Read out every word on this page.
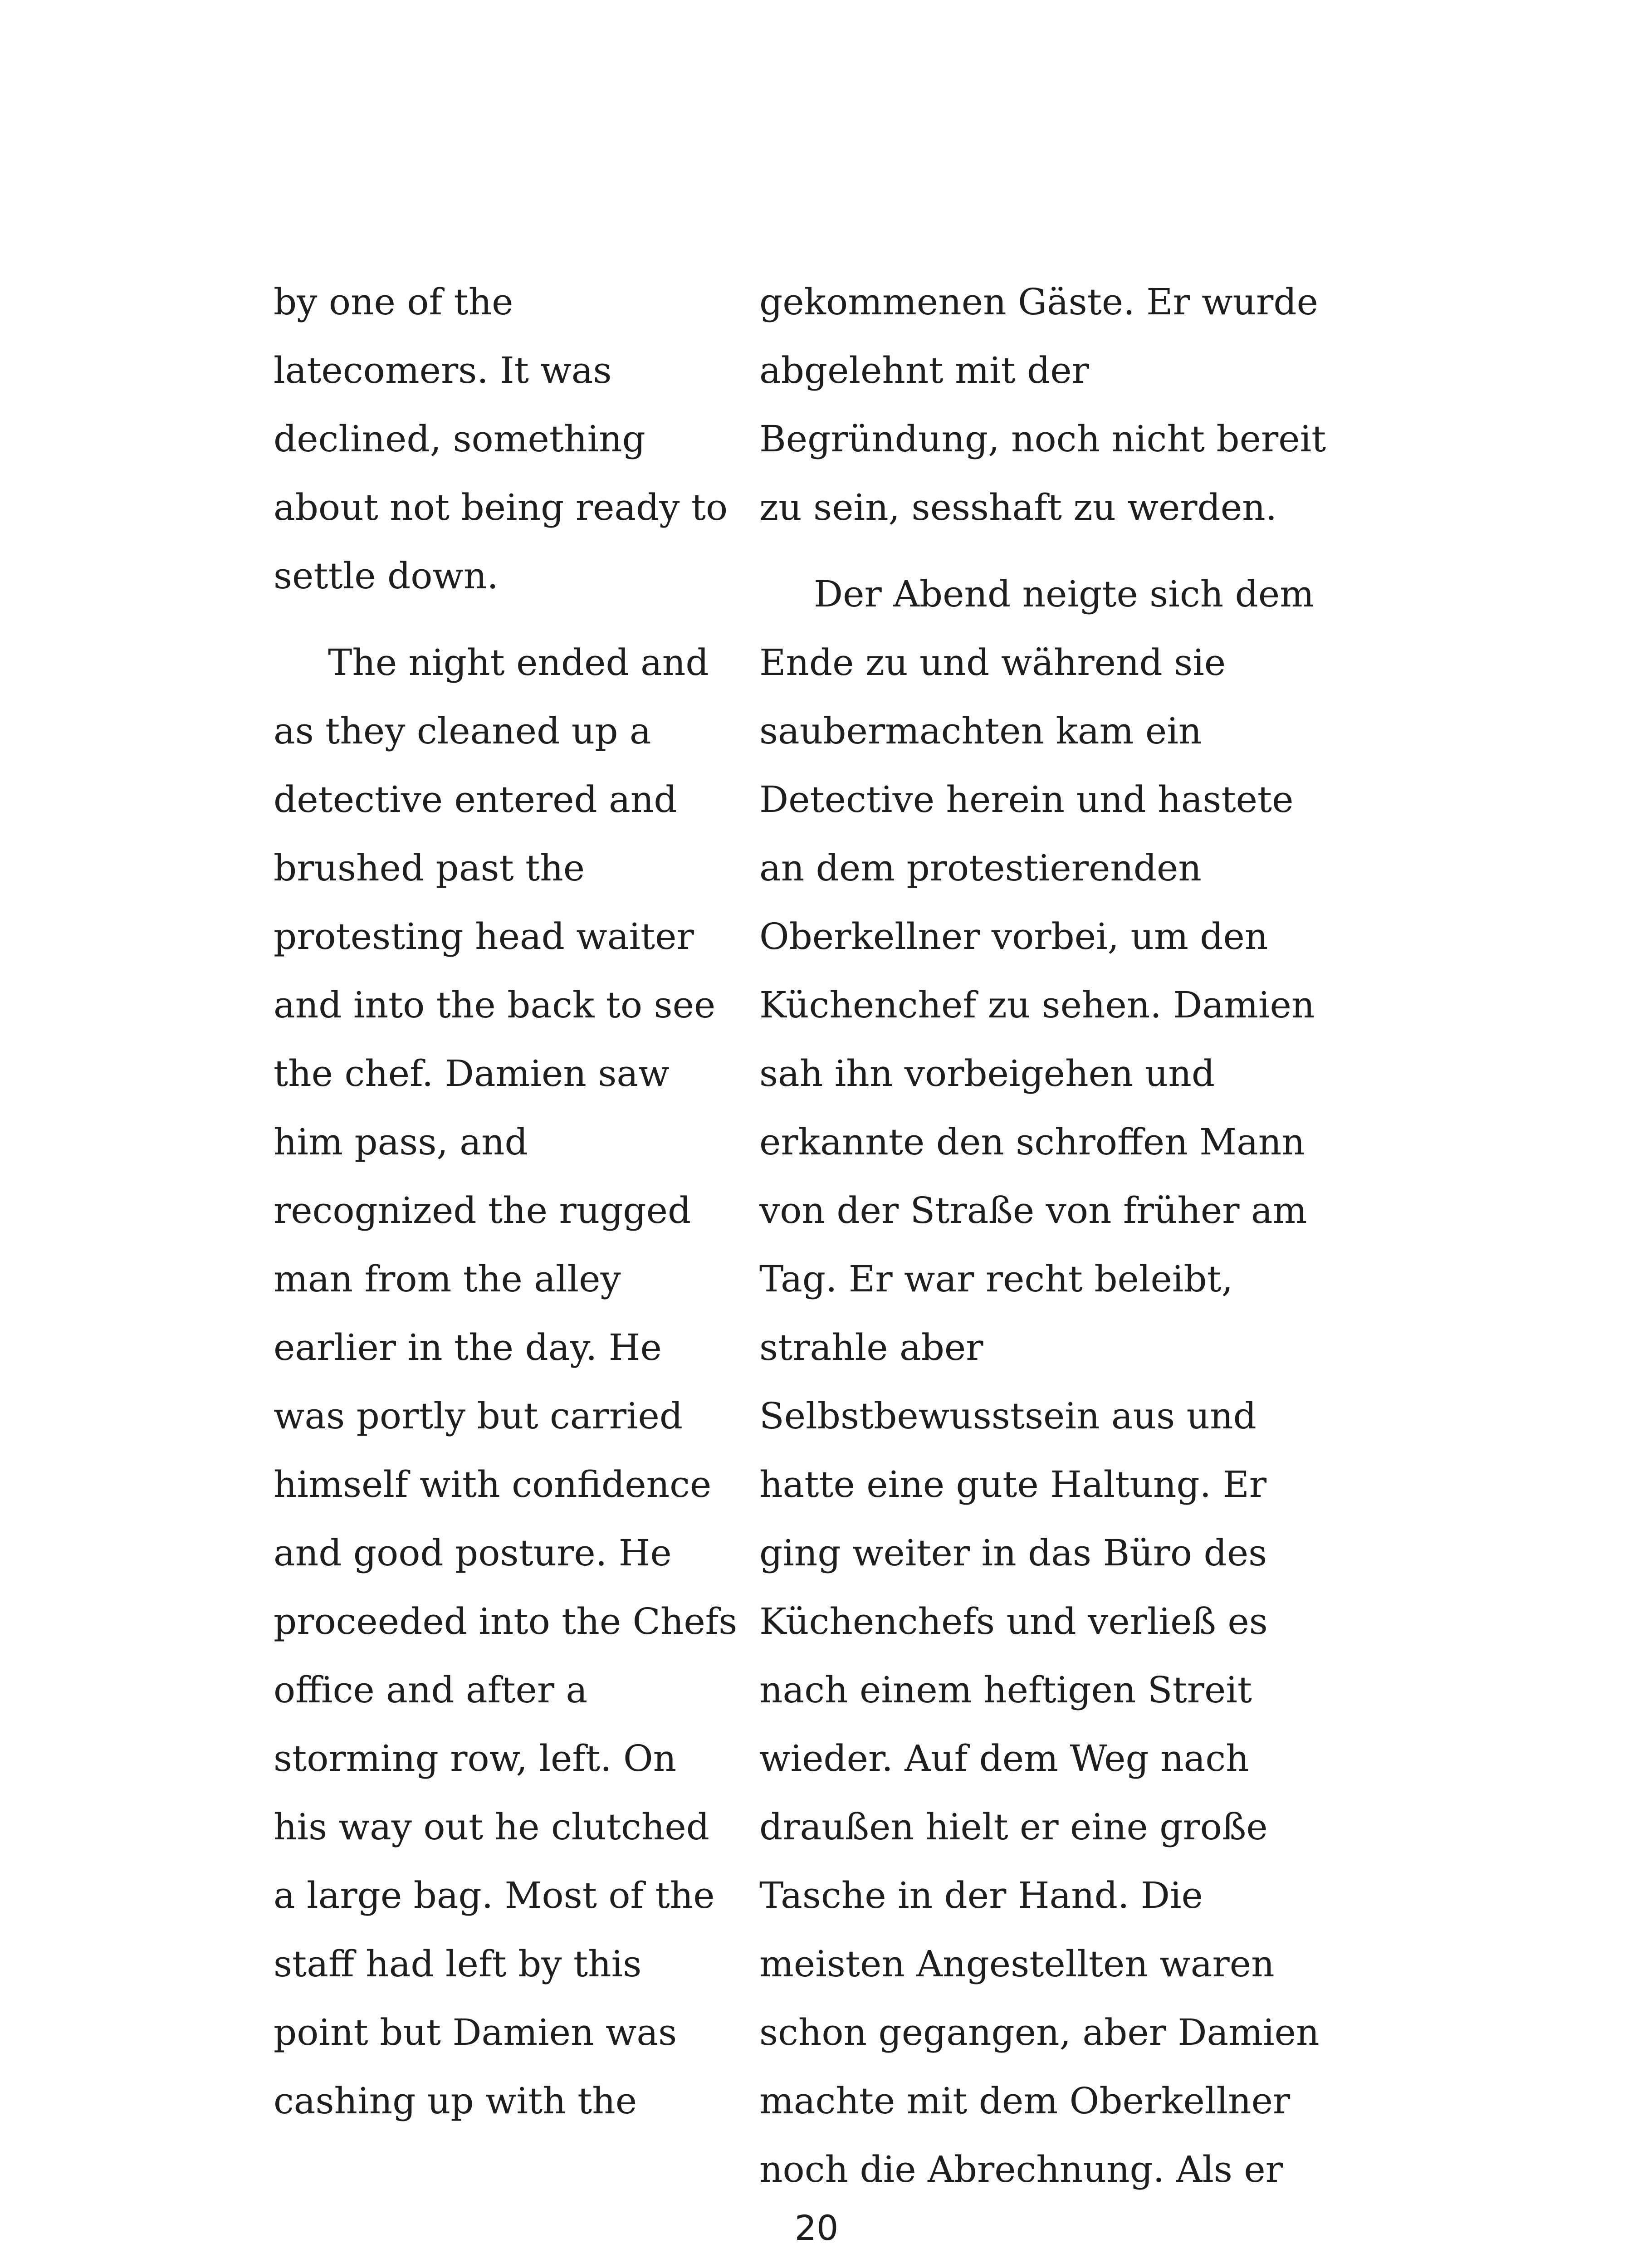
by one of the
latecomers. It was
declined, something
about not being ready to
settle down.
The night ended and
as they cleaned up a
detective entered and
brushed past the
protesting head waiter
and into the back to see
the chef. Damien saw
him pass, and
recognized the rugged
man from the alley
earlier in the day. He
was portly but carried
himself with confidence
and good posture. He
proceeded into the Chefs
office and after a
storming row, left. On
his way out he clutched
a large bag. Most of the
staff had left by this
point but Damien was
cashing up with the
gekommenen Gäste. Er wurde
abgelehnt mit der
Begründung, noch nicht bereit
zu sein, sesshaft zu werden.
Der Abend neigte sich dem
Ende zu und während sie
saubermachten kam ein
Detective herein und hastete
an dem protestierenden
Oberkellner vorbei, um den
Küchenchef zu sehen. Damien
sah ihn vorbeigehen und
erkannte den schroffen Mann
von der Straße von früher am
Tag. Er war recht beleibt,
strahle aber
Selbstbewusstsein aus und
hatte eine gute Haltung. Er
ging weiter in das Büro des
Küchenchefs und verließ es
nach einem heftigen Streit
wieder. Auf dem Weg nach
draußen hielt er eine große
Tasche in der Hand. Die
meisten Angestellten waren
schon gegangen, aber Damien
machte mit dem Oberkellner
noch die Abrechnung. Als er
20
